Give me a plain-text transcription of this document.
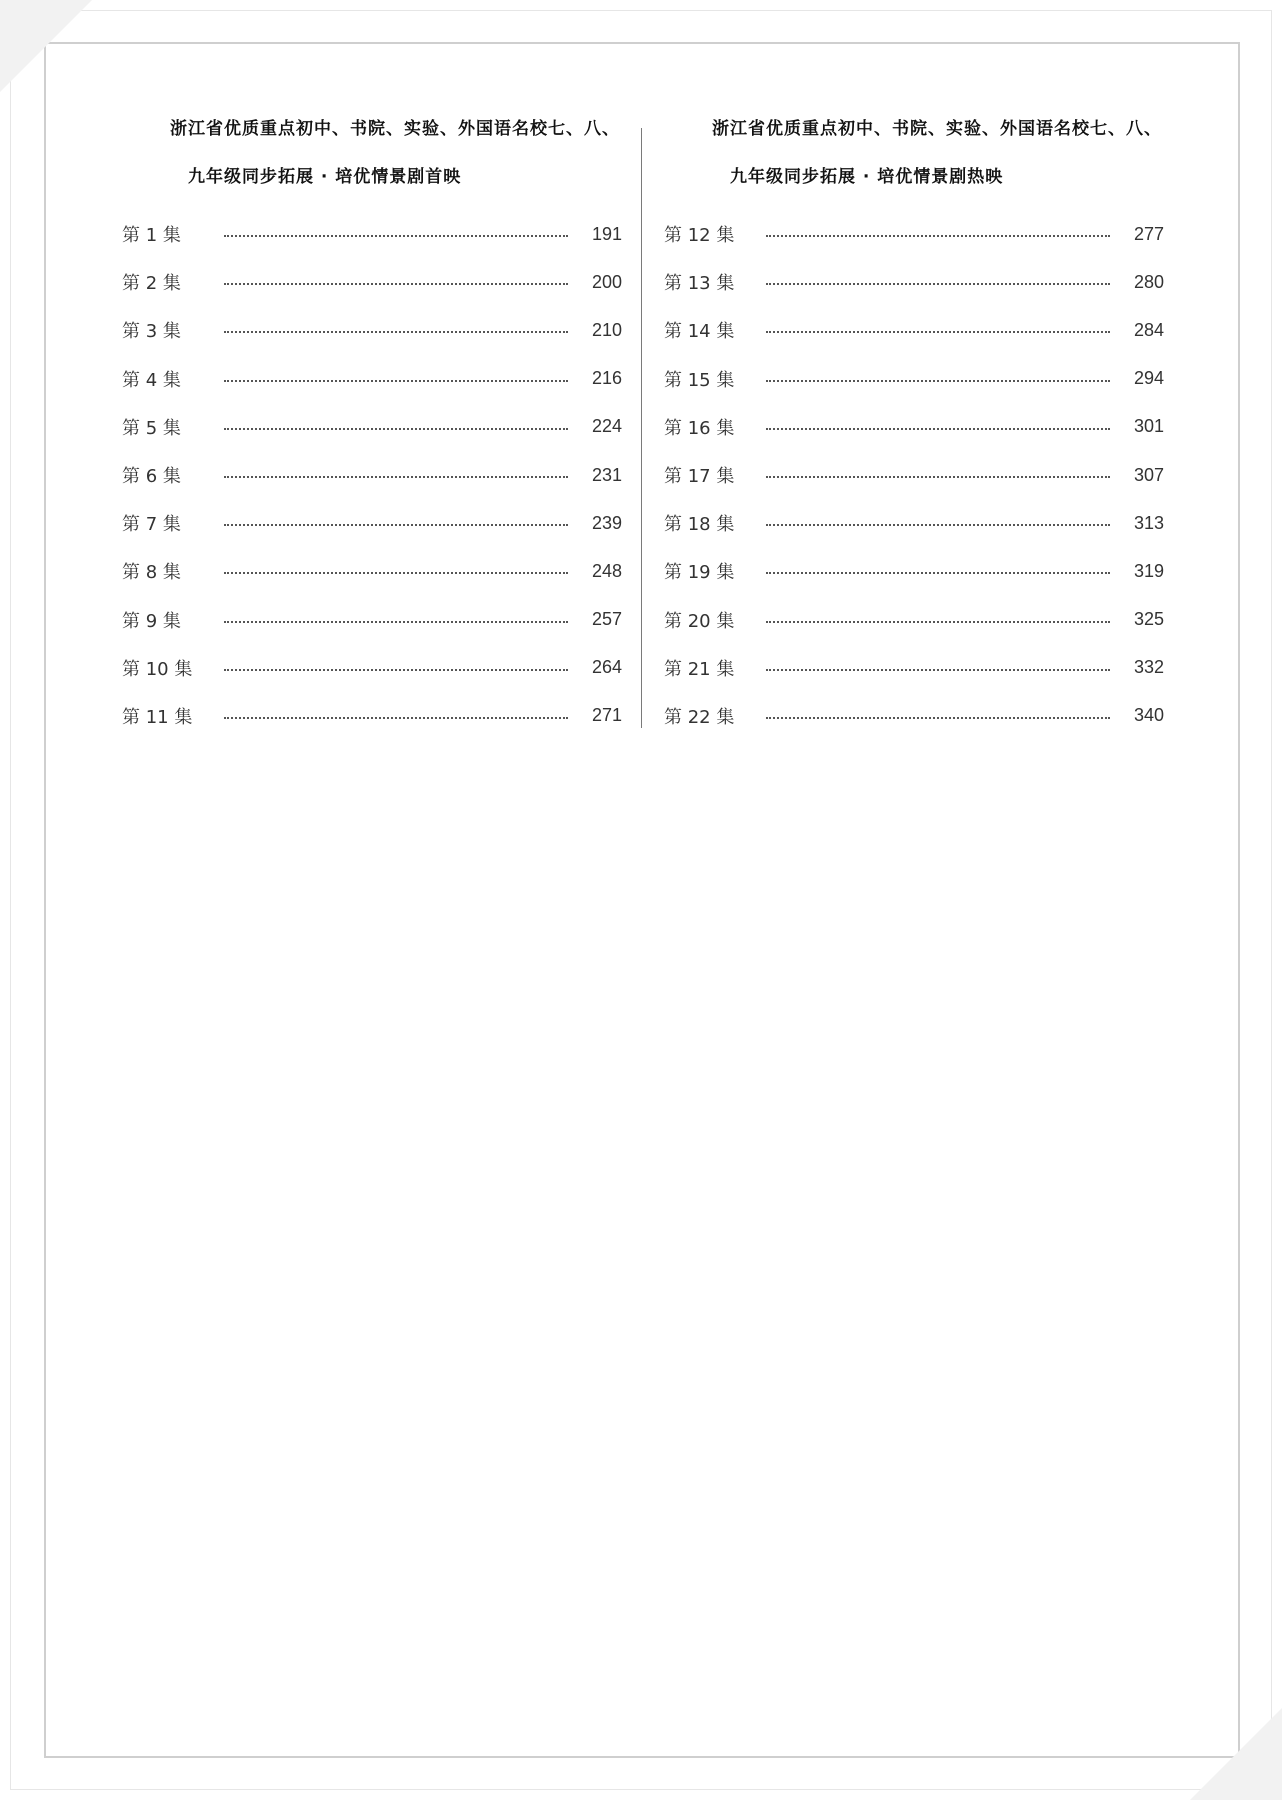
浙江省优质重点初中、书院、实验、外国语名校七、八、

九年级同步拓展 · 培优情景剧首映

第 1 集	191
第 2 集	200
第 3 集	210
第 4 集	216
第 5 集	224
第 6 集	231
第 7 集	239
第 8 集	248
第 9 集	257
第 10 集	264
第 11 集	271

浙江省优质重点初中、书院、实验、外国语名校七、八、

九年级同步拓展 · 培优情景剧热映

第 12 集	277
第 13 集	280
第 14 集	284
第 15 集	294
第 16 集	301
第 17 集	307
第 18 集	313
第 19 集	319
第 20 集	325
第 21 集	332
第 22 集	340
